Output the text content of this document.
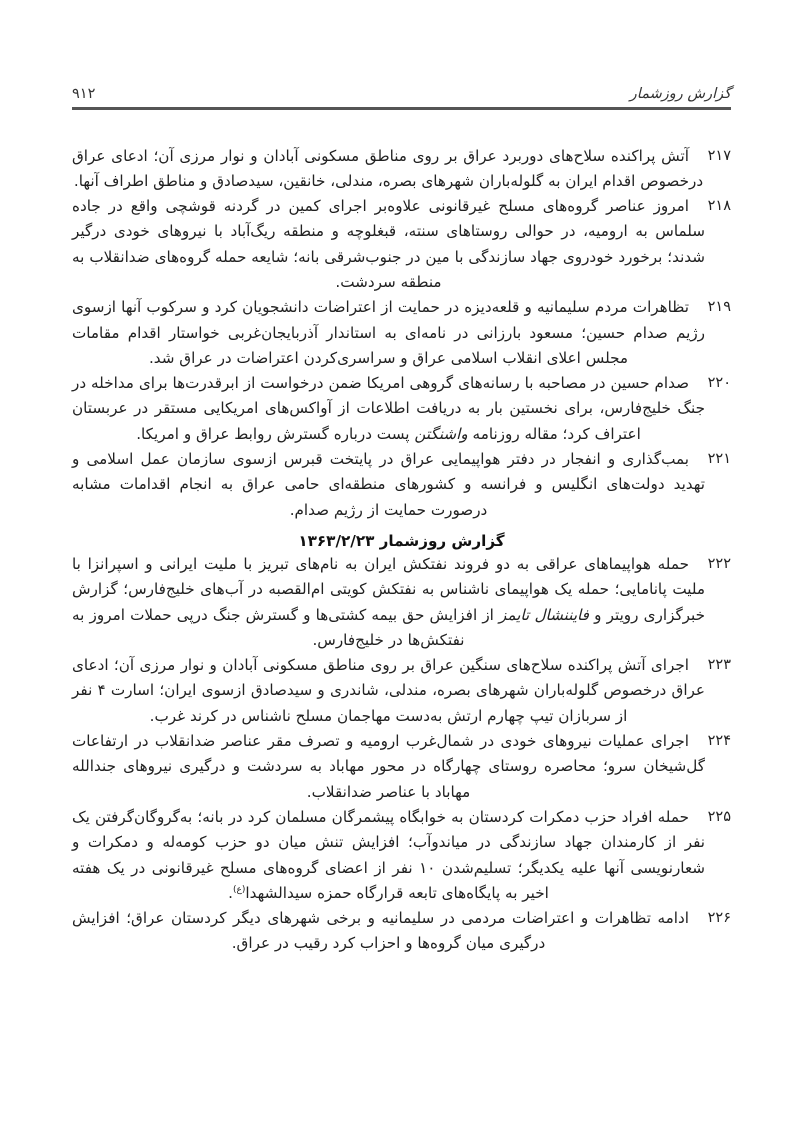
۹۱۲	گزارش روزشمار

۲۱۷
آتش پراکنده سلاح‌های دوربرد عراق بر روی مناطق مسکونی آبادان و نوار مرزی آن؛ ادعای عراق درخصوص اقدام ایران به گلوله‌باران شهرهای بصره، مندلی، خانقین، سیدصادق و مناطق اطراف آنها.

۲۱۸
امروز عناصر گروه‌های مسلح غیرقانونی علاوه‌بر اجرای کمین در گردنه قوشچی واقع در جاده سلماس به ارومیه، در حوالی روستاهای سنته، قبغلوچه و منطقه ریگ‌آباد با نیروهای خودی درگیر شدند؛ برخورد خودروی جهاد سازندگی با مین در جنوب‌شرقی بانه؛ شایعه حمله گروه‌های ضدانقلاب به منطقه سردشت.

۲۱۹
تظاهرات مردم سلیمانیه و قلعه‌دیزه در حمایت از اعتراضات دانشجویان کرد و سرکوب آنها ازسوی رژیم صدام حسین؛ مسعود بارزانی در نامه‌ای به استاندار آذربایجان‌غربی خواستار اقدام مقامات مجلس اعلای انقلاب اسلامی عراق و سراسری‌کردن اعتراضات در عراق شد.

۲۲۰
صدام حسین در مصاحبه با رسانه‌های گروهی امریکا ضمن درخواست از ابرقدرت‌ها برای مداخله در جنگ خلیج‌فارس، برای نخستین بار به دریافت اطلاعات از آواکس‌های امریکایی مستقر در عربستان اعتراف کرد؛ مقاله روزنامه واشنگتن پست درباره گسترش روابط عراق و امریکا.

۲۲۱
بمب‌گذاری و انفجار در دفتر هواپیمایی عراق در پایتخت قبرس ازسوی سازمان عمل اسلامی و تهدید دولت‌های انگلیس و فرانسه و کشورهای منطقه‌ای حامی عراق به انجام اقدامات مشابه درصورت حمایت از رژیم صدام.

گزارش روزشمار ۱۳۶۳/۲/۲۳

۲۲۲
حمله هواپیماهای عراقی به دو فروند نفتکش ایران به نام‌های تبریز با ملیت ایرانی و اسپرانزا با ملیت پانامایی؛ حمله یک هواپیمای ناشناس به نفتکش کویتی ام‌القصبه در آب‌های خلیج‌فارس؛ گزارش خبرگزاری رویتر و فایننشال تایمز از افزایش حق بیمه کشتی‌ها و گسترش جنگ درپی حملات امروز به نفتکش‌ها در خلیج‌فارس.

۲۲۳
اجرای آتش پراکنده سلاح‌های سنگین عراق بر روی مناطق مسکونی آبادان و نوار مرزی آن؛ ادعای عراق درخصوص گلوله‌باران شهرهای بصره، مندلی، شاندری و سیدصادق ازسوی ایران؛ اسارت ۴ نفر از سربازان تیپ چهارم ارتش به‌دست مهاجمان مسلح ناشناس در کرند غرب.

۲۲۴
اجرای عملیات نیروهای خودی در شمال‌غرب ارومیه و تصرف مقر عناصر ضدانقلاب در ارتفاعات گل‌شیخان سرو؛ محاصره روستای چهارگاه در محور مهاباد به سردشت و درگیری نیروهای جندالله مهاباد با عناصر ضدانقلاب.

۲۲۵
حمله افراد حزب دمکرات کردستان به خوابگاه پیشمرگان مسلمان کرد در بانه؛ به‌گروگان‌گرفتن یک نفر از کارمندان جهاد سازندگی در میاندوآب؛ افزایش تنش میان دو حزب کومه‌له و دمکرات و شعارنویسی آنها علیه یکدیگر؛ تسلیم‌شدن ۱۰ نفر از اعضای گروه‌های مسلح غیرقانونی در یک هفته اخیر به پایگاه‌های تابعه قرارگاه حمزه سیدالشهدا$^{(ع)}$.

۲۲۶
ادامه تظاهرات و اعتراضات مردمی در سلیمانیه و برخی شهرهای دیگر کردستان عراق؛ افزایش درگیری میان گروه‌ها و احزاب کرد رقیب در عراق.
